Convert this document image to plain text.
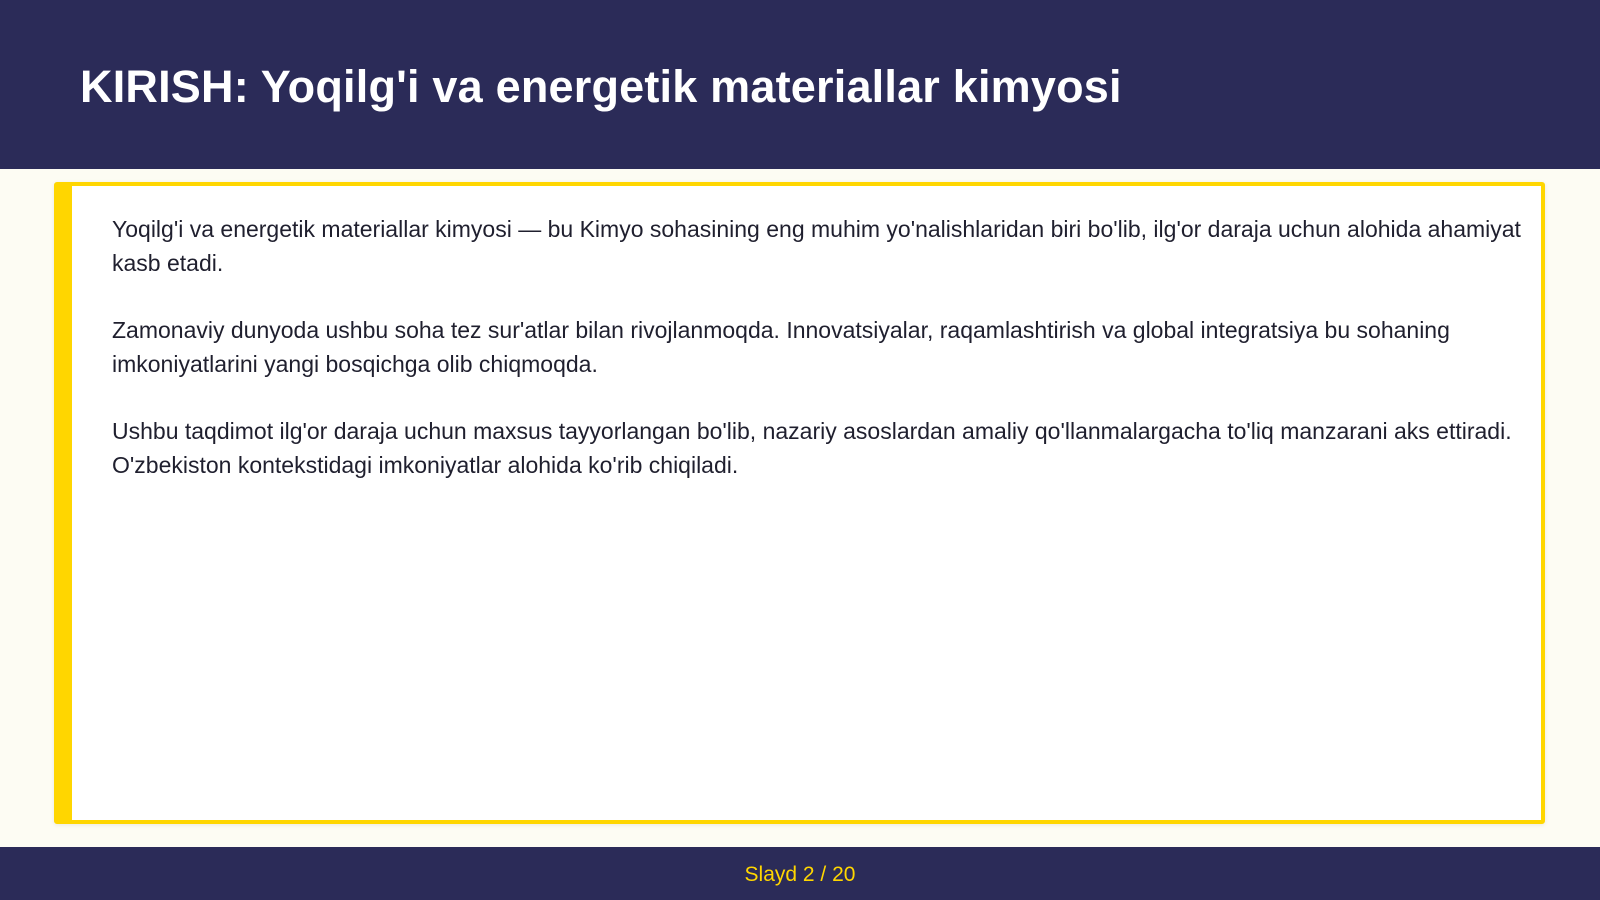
KIRISH: Yoqilg'i va energetik materiallar kimyosi

Yoqilg'i va energetik materiallar kimyosi — bu Kimyo sohasining eng muhim yo'nalishlaridan biri bo'lib, ilg'or daraja uchun alohida ahamiyat kasb etadi.

Zamonaviy dunyoda ushbu soha tez sur'atlar bilan rivojlanmoqda. Innovatsiyalar, raqamlashtirish va global integratsiya bu sohaning imkoniyatlarini yangi bosqichga olib chiqmoqda.

Ushbu taqdimot ilg'or daraja uchun maxsus tayyorlangan bo'lib, nazariy asoslardan amaliy qo'llanmalargacha to'liq manzarani aks ettiradi. O'zbekiston kontekstidagi imkoniyatlar alohida ko'rib chiqiladi.

Slayd 2 / 20
